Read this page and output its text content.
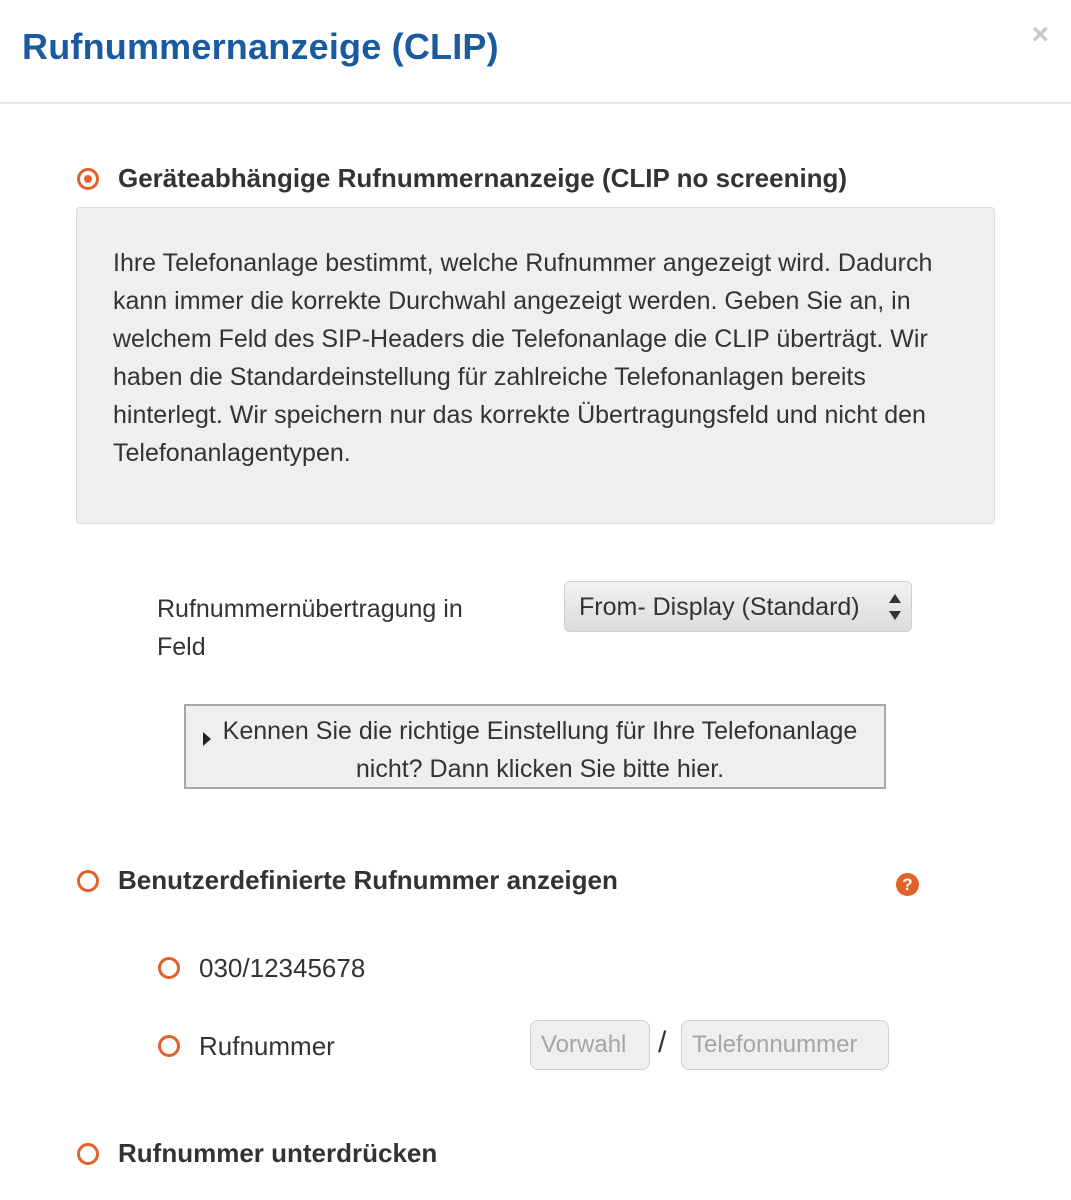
Rufnummernanzeige (CLIP)	×
Geräteabhängige Rufnummernanzeige (CLIP no screening)
Ihre Telefonanlage bestimmt, welche Rufnummer angezeigt wird. Dadurch kann immer die korrekte Durchwahl angezeigt werden. Geben Sie an, in welchem Feld des SIP-Headers die Telefonanlage die CLIP überträgt. Wir haben die Standardeinstellung für zahlreiche Telefonanlagen bereits hinterlegt. Wir speichern nur das korrekte Übertragungsfeld und nicht den Telefonanlagentypen.
Rufnummernübertragung in Feld
From- Display (Standard)
Kennen Sie die richtige Einstellung für Ihre Telefonanlage nicht? Dann klicken Sie bitte hier.
Benutzerdefinierte Rufnummer anzeigen	?
030/12345678
Rufnummer
Vorwahl	/
Telefonnummer
Rufnummer unterdrücken
